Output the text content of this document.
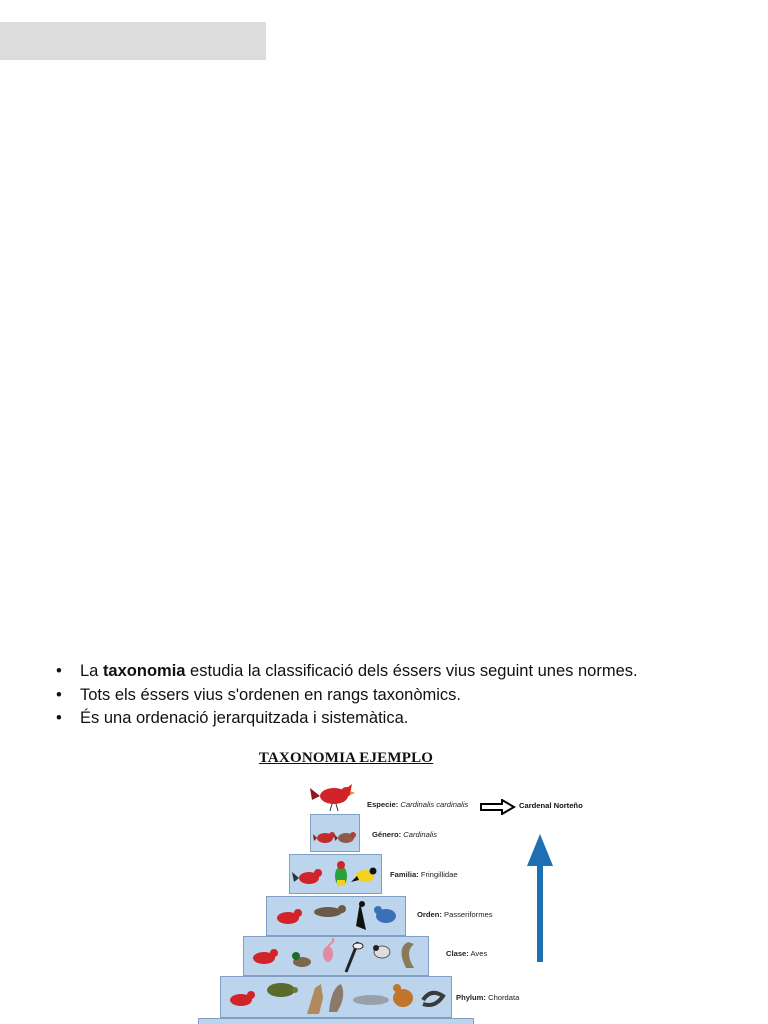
• La taxonomia estudia la classificació dels éssers vius seguint unes normes.
• Tots els éssers vius s'ordenen en rangs taxonòmics.
• És una ordenació jerarquitzada i sistemàtica.
TAXONOMIA EJEMPLO
Especie: Cardinalis cardinalis
Género: Cardinalis
Familia: Fringillidae
Orden: Passeriformes
Clase: Aves
Phylum: Chordata
Cardenal Norteño
